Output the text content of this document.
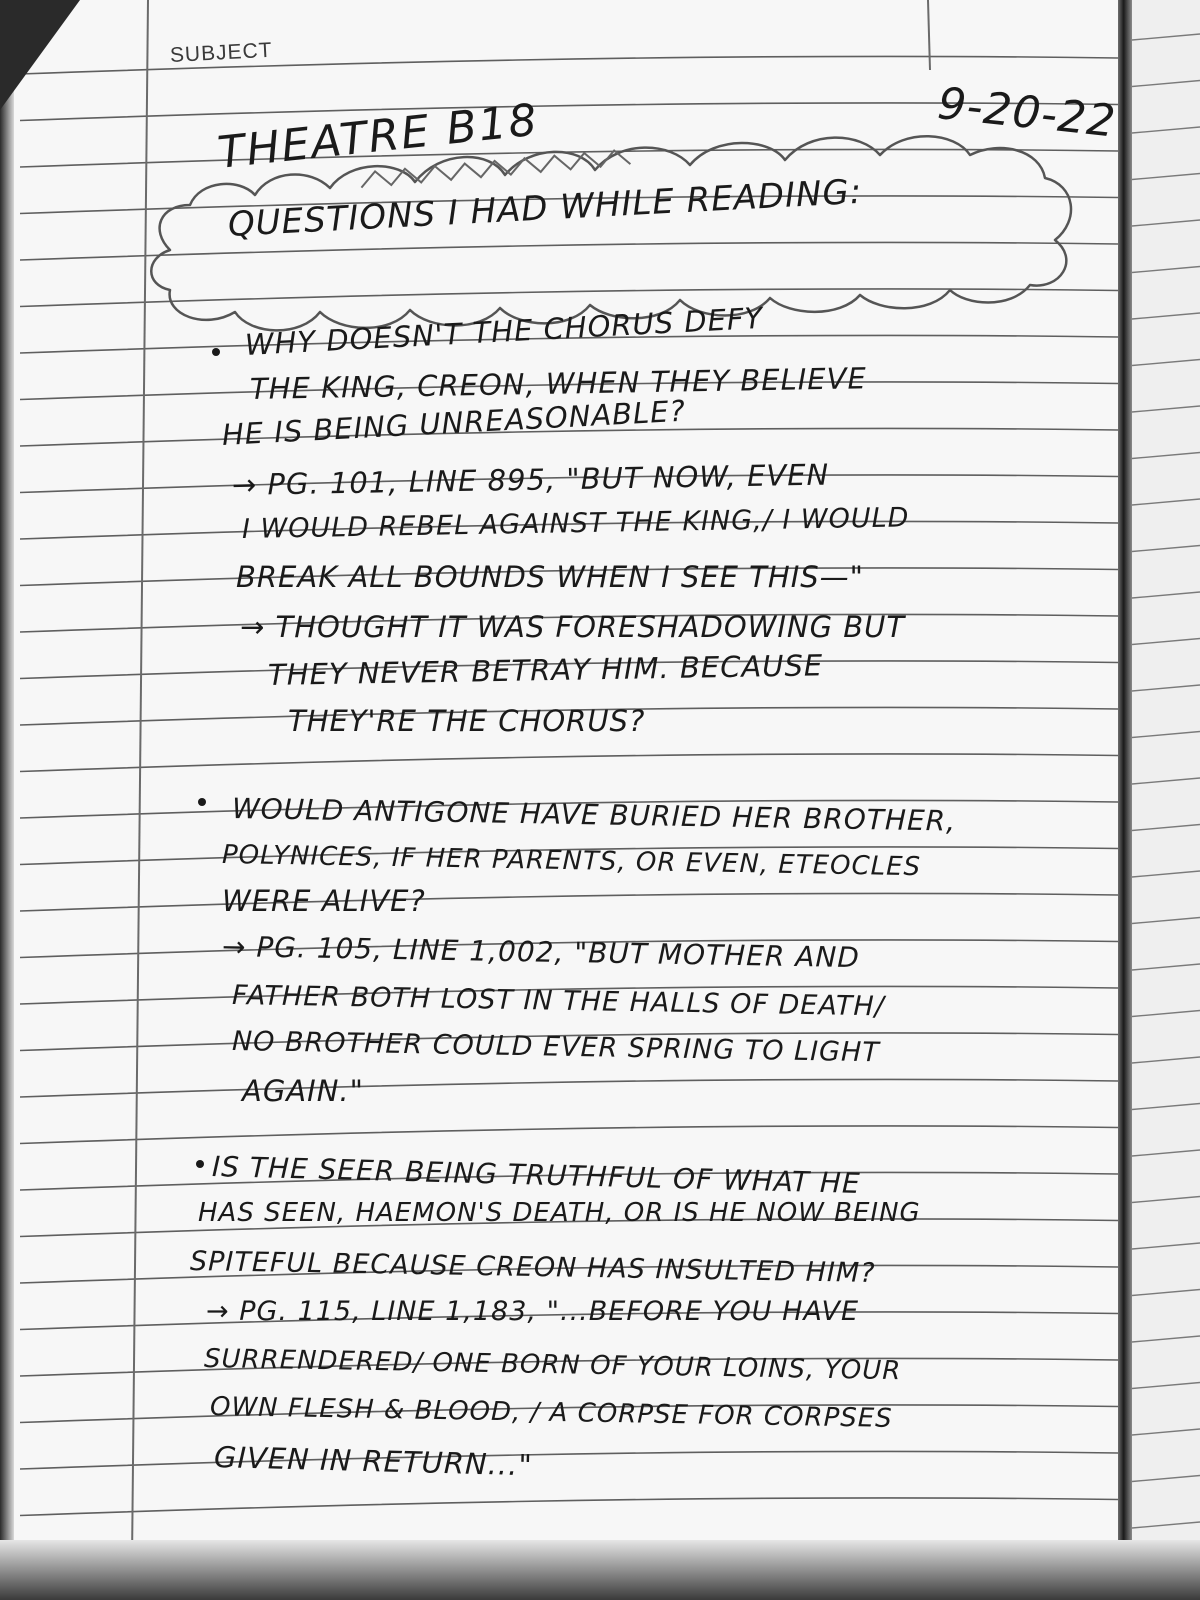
SUBJECT
THEATRE B18	9-20-22
QUESTIONS I HAD WHILE READING:
WHY DOESN'T THE CHORUS DEFY
THE KING, CREON, WHEN THEY BELIEVE
HE IS BEING UNREASONABLE?
→ PG. 101, LINE 895, "BUT NOW, EVEN
I WOULD REBEL AGAINST THE KING,/ I WOULD
BREAK ALL BOUNDS WHEN I SEE THIS—"
→ THOUGHT IT WAS FORESHADOWING BUT
THEY NEVER BETRAY HIM. BECAUSE
THEY'RE THE CHORUS?
WOULD ANTIGONE HAVE BURIED HER BROTHER,
POLYNICES, IF HER PARENTS, OR EVEN, ETEOCLES
WERE ALIVE?
→ PG. 105, LINE 1,002, "BUT MOTHER AND
FATHER BOTH LOST IN THE HALLS OF DEATH/
NO BROTHER COULD EVER SPRING TO LIGHT
AGAIN."
IS THE SEER BEING TRUTHFUL OF WHAT HE
HAS SEEN, HAEMON'S DEATH, OR IS HE NOW BEING
SPITEFUL BECAUSE CREON HAS INSULTED HIM?
→ PG. 115, LINE 1,183, "...BEFORE YOU HAVE
SURRENDERED/ ONE BORN OF YOUR LOINS, YOUR
OWN FLESH & BLOOD, / A CORPSE FOR CORPSES
GIVEN IN RETURN..."
